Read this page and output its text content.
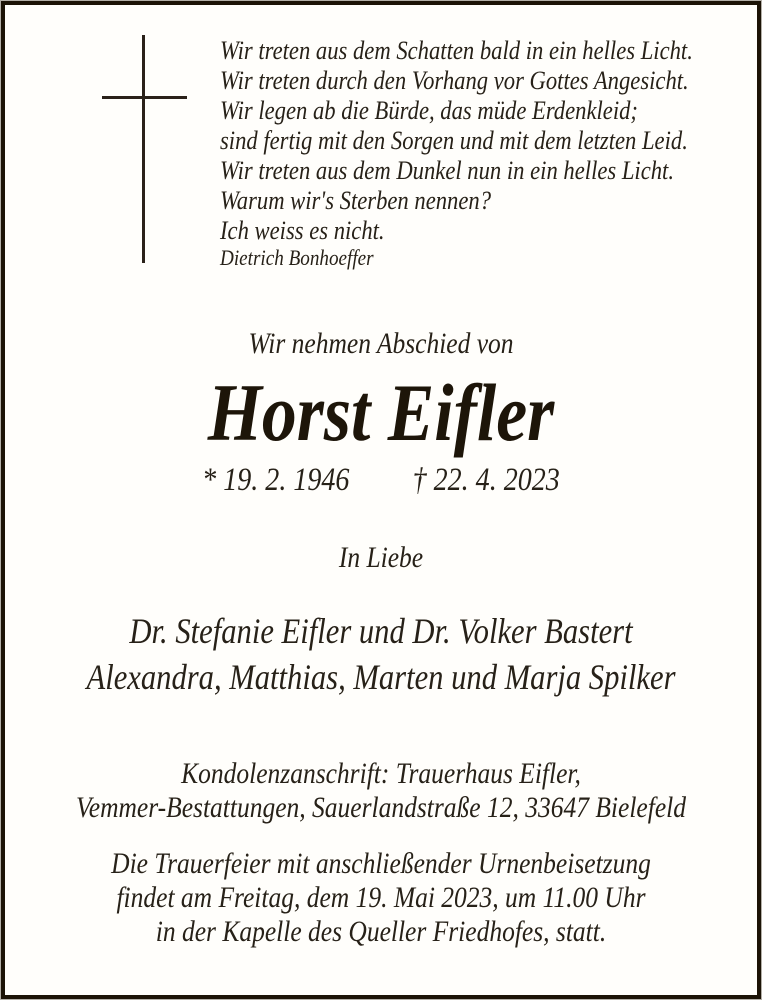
Wir treten aus dem Schatten bald in ein helles Licht.
Wir treten durch den Vorhang vor Gottes Angesicht.
Wir legen ab die Bürde, das müde Erdenkleid;
sind fertig mit den Sorgen und mit dem letzten Leid.
Wir treten aus dem Dunkel nun in ein helles Licht.
Warum wir's Sterben nennen?
Ich weiss es nicht.
Dietrich Bonhoeffer
Wir nehmen Abschied von
Horst Eifler
* 19. 2. 1946 † 22. 4. 2023
In Liebe
Dr. Stefanie Eifler und Dr. Volker Bastert
Alexandra, Matthias, Marten und Marja Spilker
Kondolenzanschrift: Trauerhaus Eifler,
Vemmer-Bestattungen, Sauerlandstraße 12, 33647 Bielefeld
Die Trauerfeier mit anschließender Urnenbeisetzung
findet am Freitag, dem 19. Mai 2023, um 11.00 Uhr
in der Kapelle des Queller Friedhofes, statt.
